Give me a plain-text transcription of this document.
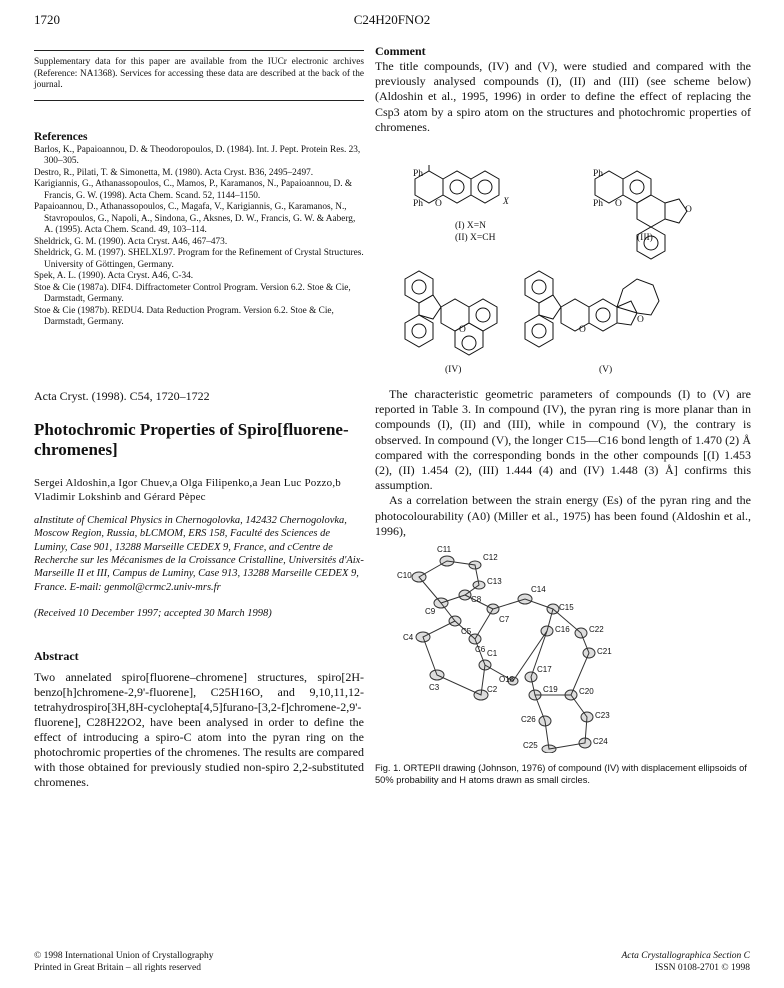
1720	C24H20FNO2
Supplementary data for this paper are available from the IUCr electronic archives (Reference: NA1368). Services for accessing these data are described at the back of the journal.
References
Barlos, K., Papaioannou, D. & Theodoropoulos, D. (1984). Int. J. Pept. Protein Res. 23, 300–305.
Destro, R., Pilati, T. & Simonetta, M. (1980). Acta Cryst. B36, 2495–2497.
Karigiannis, G., Athanassopoulos, C., Mamos, P., Karamanos, N., Papaioannou, D. & Francis, G. W. (1998). Acta Chem. Scand. 52, 1144–1150.
Papaioannou, D., Athanassopoulos, C., Magafa, V., Karigiannis, G., Karamanos, N., Stavropoulos, G., Napoli, A., Sindona, G., Aksnes, D. W., Francis, G. W. & Aaberg, A. (1995). Acta Chem. Scand. 49, 103–114.
Sheldrick, G. M. (1990). Acta Cryst. A46, 467–473.
Sheldrick, G. M. (1997). SHELXL97. Program for the Refinement of Crystal Structures. University of Göttingen, Germany.
Spek, A. L. (1990). Acta Cryst. A46, C-34.
Stoe & Cie (1987a). DIF4. Diffractometer Control Program. Version 6.2. Stoe & Cie, Darmstadt, Germany.
Stoe & Cie (1987b). REDU4. Data Reduction Program. Version 6.2. Stoe & Cie, Darmstadt, Germany.
Acta Cryst. (1998). C54, 1720–1722
Photochromic Properties of Spiro[fluorene-chromenes]
Sergei Aldoshin,a Igor Chuev,a Olga Filipenko,a Jean Luc Pozzo,b Vladimir Lokshinb and Gérard Pèpec
aInstitute of Chemical Physics in Chernogolovka, 142432 Chernogolovka, Moscow Region, Russia, bLCMOM, ERS 158, Faculté des Sciences de Luminy, Case 901, 13288 Marseille CEDEX 9, France, and cCentre de Recherche sur les Mécanismes de la Croissance Cristalline, Universités d'Aix-Marseille II et III, Campus de Luminy, Case 913, 13288 Marseille CEDEX 9, France. E-mail: genmol@crmc2.univ-mrs.fr
(Received 10 December 1997; accepted 30 March 1998)
Abstract
Two annelated spiro[fluorene–chromene] structures, spiro[2H-benzo[h]chromene-2,9'-fluorene], C25H16O, and 9,10,11,12-tetrahydrospiro[3H,8H-cyclohepta[4,5]furano-[3,2-f]chromene-2,9'-fluorene], C28H22O2, have been analysed in order to define the effect of introducing a spiro-C atom into the pyran ring on the photochromic properties of the chromenes. The results are compared with those obtained for previously studied non-spiro 2,2-substituted chromenes.
© 1998 International Union of Crystallography
Printed in Great Britain – all rights reserved
Comment
The title compounds, (IV) and (V), were studied and compared with the previously analysed compounds (I), (II) and (III) (see scheme below) (Aldoshin et al., 1995, 1996) in order to define the effect of replacing the Csp3 atom by a spiro atom on the structures and photochromic properties of chromenes.
Ph
Ph O	X
Ph
Ph O
O
(I) X=N
(II) X=CH	(III)
O	O
O
(IV)	(V)
The characteristic geometric parameters of compounds (I) to (V) are reported in Table 3. In compound (IV), the pyran ring is more planar than in compounds (I), (II) and (III), while in compound (V), the contrary is observed. In compound (V), the longer C15—C16 bond length of 1.470 (2) Å compared with the corresponding bonds in the other compounds [(I) 1.453 (2), (II) 1.454 (2), (III) 1.444 (4) and (IV) 1.448 (3) Å] confirms this assumption.
As a correlation between the strain energy (Es) of the pyran ring and the photocolourability (A0) (Miller et al., 1975) has been found (Aldoshin et al., 1996),
C11
C12
C10
C13
C14
C8
C9	C15
C16
C7
C5
C6
C4
C22
C21
C1
C17
O18
C19	C20
C3	C2
C26	C23
C25	C24
Fig. 1. ORTEPII drawing (Johnson, 1976) of compound (IV) with displacement ellipsoids of 50% probability and H atoms drawn as small circles.
Acta Crystallographica Section C
ISSN 0108-2701 © 1998
